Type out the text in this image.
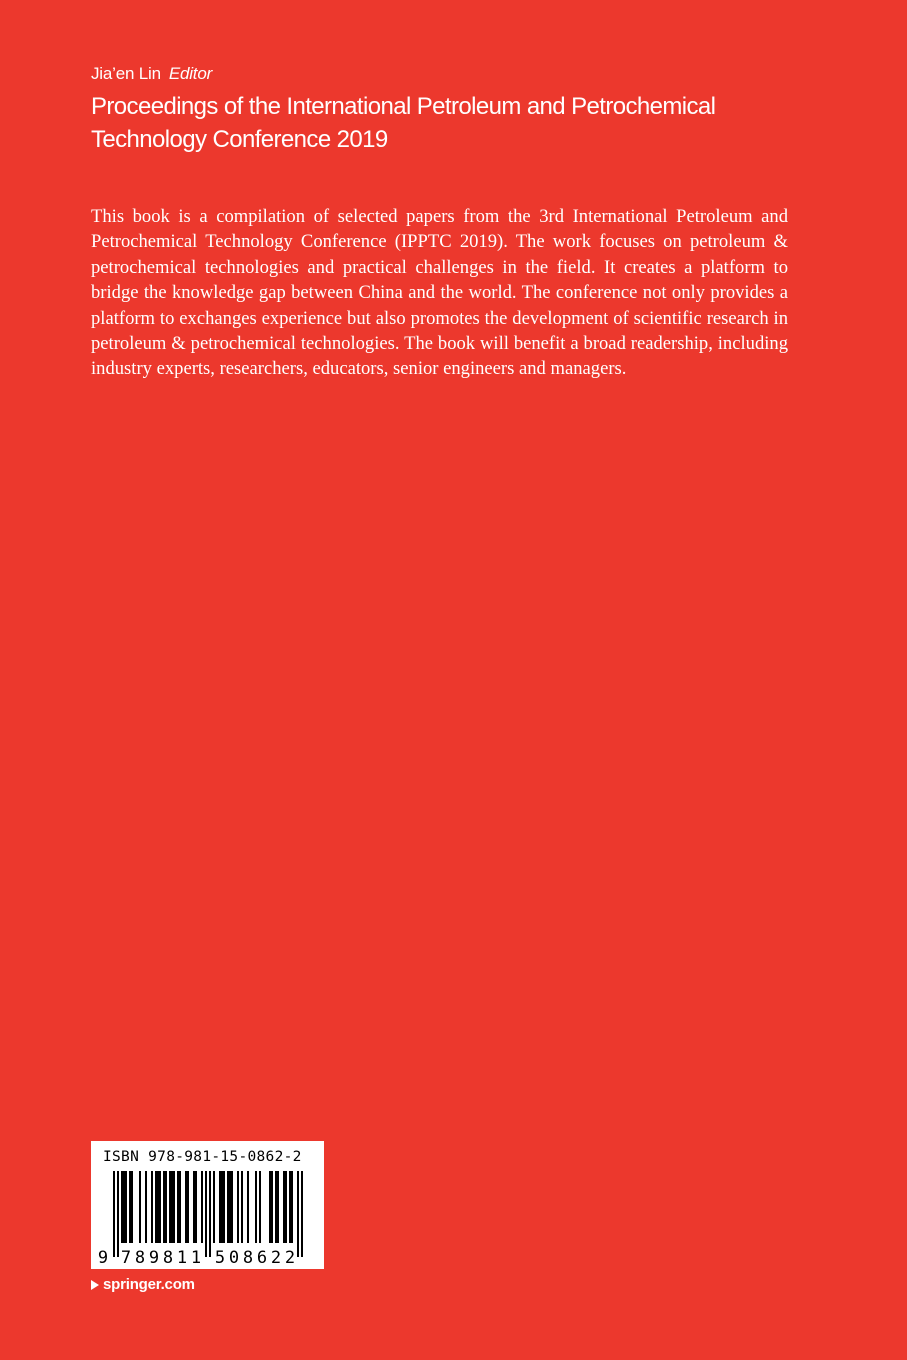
Jia’en Lin Editor
Proceedings of the International Petroleum and Petrochemical
Technology Conference 2019

This book is a compilation of selected papers from the 3rd International Petroleum and Petrochemical Technology Conference (IPPTC 2019). The work focuses on petroleum & petrochemical technologies and practical challenges in the field. It creates a platform to bridge the knowledge gap between China and the world. The conference not only provides a platform to exchanges experience but also promotes the development of scientific research in petroleum & petrochemical technologies. The book will benefit a broad readership, including industry experts, researchers, educators, senior engineers and managers.

ISBN 978-981-15-0862-2
9 7 8 9 8 1 1 5 0 8 6 2 2
springer.com
